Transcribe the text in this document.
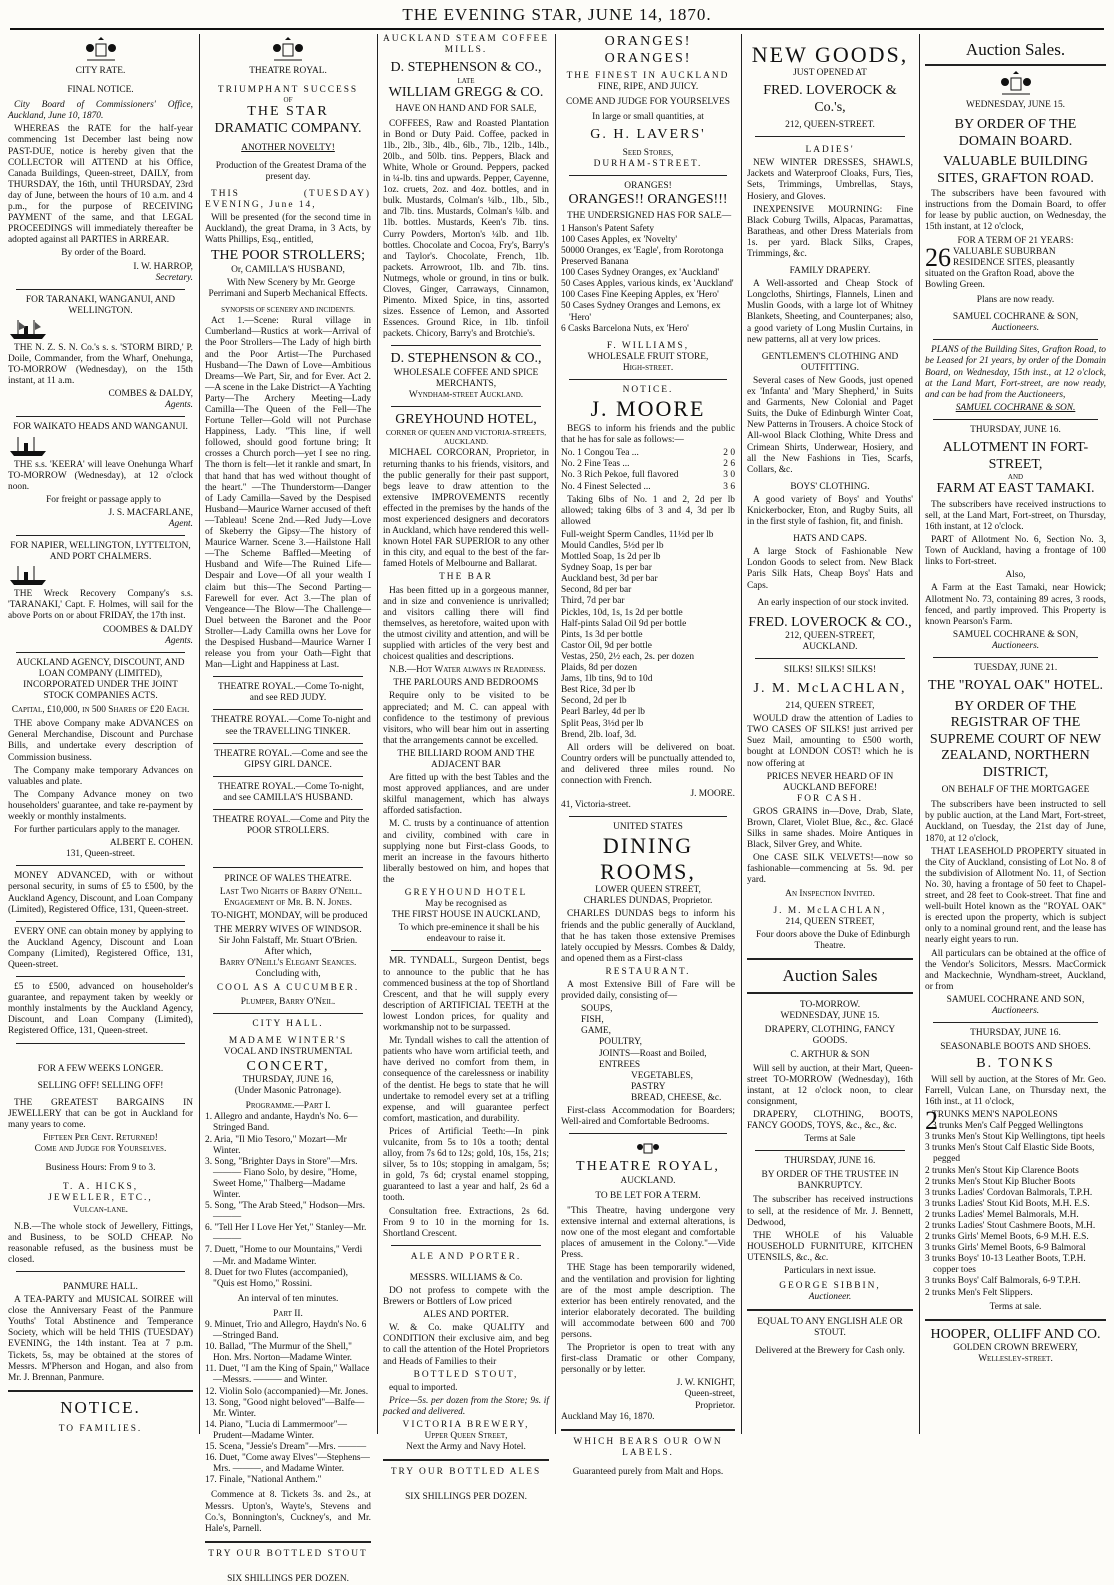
THE EVENING STAR, JUNE 14, 1870.
CITY RATE.
FINAL NOTICE.

City Board of Commissioners' Office, Auckland, June 10, 1870.

WHEREAS the RATE for the half-year commencing 1st December last being now PAST-DUE, notice is hereby given that the COLLECTOR will ATTEND at his Office, Canada Buildings, Queen-street, DAILY, from THURSDAY, the 16th, until THURSDAY, 23rd day of June, between the hours of 10 a.m. and 4 p.m., for the purpose of RECEIVING PAYMENT of the same, and that LEGAL PROCEEDINGS will immediately thereafter be adopted against all PARTIES in ARREAR.

By order of the Board.

I. W. HARROP,
Secretary.
FOR TARANAKI, WANGANUI, AND WELLINGTON.

THE N. Z. S. N. Co.'s s. s. 'STORM BIRD,' P. Doile, Commander, from the Wharf, Onehunga, TO-MORROW (Wednesday), on the 15th instant, at 11 a.m.

COMBES & DALDY,
Agents.
FOR WAIKATO HEADS AND WANGANUI.

THE s.s. 'KEERA' will leave Onehunga Wharf TO-MORROW (Wednesday), at 12 o'clock noon.

For freight or passage apply to

J. S. MACFARLANE,
Agent.
FOR NAPIER, WELLINGTON, LYTTELTON, AND PORT CHALMERS.

THE Wreck Recovery Company's s.s. 'TARANAKI,' Capt. F. Holmes, will sail for the above Ports on or about FRIDAY, the 17th inst.

COOMBES & DALDY
Agents.
AUCKLAND AGENCY, DISCOUNT, AND LOAN COMPANY (LIMITED), INCORPORATED UNDER THE JOINT STOCK COMPANIES ACTS.
Capital, £10,000, in 500 Shares of £20 Each.

THE above Company make ADVANCES on General Merchandise, Discount and Purchase Bills, and undertake every description of Commission business.

The Company make temporary Advances on valuables and plate.

The Company Advance money on two householders' guarantee, and take re-payment by weekly or monthly instalments.

For further particulars apply to the manager.

ALBERT E. COHEN.
131, Queen-street.

MONEY ADVANCED, with or without personal security, in sums of £5 to £500, by the Auckland Agency, Discount, and Loan Company (Limited), Registered Office, 131, Queen-street.

EVERY ONE can obtain money by applying to the Auckland Agency, Discount and Loan Company (Limited), Registered Office, 131, Queen-street.

£5 to £500, advanced on householder's guarantee, and repayment taken by weekly or monthly instalments by the Auckland Agency, Discount, and Loan Company (Limited), Registered Office, 131, Queen-street.

FOR A FEW WEEKS LONGER.
SELLING OFF! SELLING OFF!

THE GREATEST BARGAINS IN JEWELLERY that can be got in Auckland for many years to come.

Fifteen Per Cent. Returned!
Come and Judge for Yourselves.
Business Hours: From 9 to 3.
T. A. HICKS,
JEWELLER, ETC.,
Vulcan-lane.

N.B.—The whole stock of Jewellery, Fittings, and Business, to be SOLD CHEAP. No reasonable refused, as the business must be closed.

PANMURE HALL.

A TEA-PARTY and MUSICAL SOIREE will close the Anniversary Feast of the Panmure Youths' Total Abstinence and Temperance Society, which will be held THIS (TUESDAY) EVENING, the 14th instant. Tea at 7 p.m. Tickets, 5s, may be obtained at the stores of Messrs. M'Pherson and Hogan, and also from Mr. J. Brennan, Panmure.

NOTICE.
TO FAMILIES.
THEATRE ROYAL.
TRIUMPHANT SUCCESS
OF
THE STAR
DRAMATIC COMPANY.
ANOTHER NOVELTY!

Production of the Greatest Drama of the present day.

THIS (TUESDAY) EVENING, June 14,

Will be presented (for the second time in Auckland), the great Drama, in 3 Acts, by Watts Phillips, Esq., entitled,

THE POOR STROLLERS;
Or, CAMILLA'S HUSBAND,

With New Scenery by Mr. George Perrimani and Superb Mechanical Effects.

SYNOPSIS OF SCENERY AND INCIDENTS.

Act 1.—Scene: Rural village in Cumberland—Rustics at work—Arrival of the Poor Strollers—The Lady of high birth and the Poor Artist—The Purchased Husband—The Dawn of Love—Ambitious Dreams—We Part, Sir, and for Ever. Act 2.—A scene in the Lake District—A Yachting Party—The Archery Meeting—Lady Camilla—The Queen of the Fell—The Fortune Teller—Gold will not Purchase Happiness, Lady. "This line, if well followed, should good fortune bring; It crosses a Church porch—yet I see no ring. The thorn is felt—let it rankle and smart, In that hand that has wed without thought of the heart." —The Thunderstorm—Danger of Lady Camilla—Saved by the Despised Husband—Maurice Warner accused of theft—Tableau! Scene 2nd.—Red Judy—Love of Skeberry the Gipsy—The history of Maurice Warner. Scene 3.—Hailstone Hall—The Scheme Baffled—Meeting of Husband and Wife—The Ruined Life—Despair and Love—Of all your wealth I claim but this—The Second Parting—Farewell for ever. Act 3.—The plan of Vengeance—The Blow—The Challenge—Duel between the Baronet and the Poor Stroller—Lady Camilla owns her Love for the Despised Husband—Maurice Warner I release you from your Oath—Fight that Man—Light and Happiness at Last.

THEATRE ROYAL.—Come To-night, and see RED JUDY.

THEATRE ROYAL.—Come To-night and see the TRAVELLING TINKER.

THEATRE ROYAL.—Come and see the GIPSY GIRL DANCE.

THEATRE ROYAL.—Come To-night, and see CAMILLA'S HUSBAND.

THEATRE ROYAL.—Come and Pity the POOR STROLLERS.

PRINCE OF WALES THEATRE.

Last Two Nights of Barry O'Neill. Engagement of Mr. B. N. Jones.

TO-NIGHT, MONDAY, will be produced

THE MERRY WIVES OF WINDSOR.
Sir John Falstaff, Mr. Stuart O'Brien.
After which,
Barry O'Neill's Elegant Seances.
Concluding with,
COOL AS A CUCUMBER.
Plumper, Barry O'Neil.
CITY HALL.
MADAME WINTER'S
VOCAL AND INSTRUMENTAL
CONCERT,
THURSDAY, JUNE 16,
(Under Masonic Patronage).
Programme.—Part I.
1. Allegro and andante, Haydn's No. 6—Stringed Band.
2. Aria, "Il Mio Tesoro," Mozart—Mr Winter.
3. Song, "Brighter Days in Store"—Mrs. ——— Fiano Solo, by desire, "Home, Sweet Home," Thalberg—Madame Winter.
5. Song, "The Arab Steed," Hodson—Mrs. ———
6. "Tell Her I Love Her Yet," Stanley—Mr. ———
7. Duett, "Home to our Mountains," Verdi—Mr. and Madame Winter.
8. Duet for two Flutes (accompanied), "Quis est Homo," Rossini.
An interval of ten minutes.
Part II.
9. Minuet, Trio and Allegro, Haydn's No. 6—Stringed Band.
10. Ballad, "The Murmur of the Shell," Hon. Mrs. Norton—Madame Winter.
11. Duet, "I am the King of Spain," Wallace—Messrs. ——— and Winter.
12. Violin Solo (accompanied)—Mr. Jones.
13. Song, "Good night beloved"—Balfe—Mr. Winter.
14. Piano, "Lucia di Lammermoor"—Prudent—Madame Winter.
15. Scena, "Jessie's Dream"—Mrs. ———
16. Duet, "Come away Elves"—Stephens—Mrs. ———, and Madame Winter.
17. Finale, "National Anthem."

Commence at 8. Tickets 3s. and 2s., at Messrs. Upton's, Wayte's, Stevens and Co.'s, Bonnington's, Cuckney's, and Mr. Hale's, Parnell.

TRY OUR BOTTLED STOUT
SIX SHILLINGS PER DOZEN.
AUCKLAND STEAM COFFEE MILLS.
D. STEPHENSON & CO.,
LATE
WILLIAM GREGG & CO.
HAVE ON HAND AND FOR SALE,

COFFEES, Raw and Roasted Plantation in Bond or Duty Paid. Coffee, packed in 1lb., 2lb., 3lb., 4lb., 6lb., 7lb., 12lb., 14lb., 20lb., and 50lb. tins. Peppers, Black and White, Whole or Ground. Peppers, packed in ¼-lb. tins and upwards. Pepper, Cayenne, 1oz. cruets, 2oz. and 4oz. bottles, and in bulk. Mustards, Colman's ¼lb., 1lb., 5lb., and 7lb. tins. Mustards, Colman's ¼lb. and 1lb. bottles. Mustards, Keen's 7lb. tins. Curry Powders, Morton's ¼lb. and 1lb. bottles. Chocolate and Cocoa, Fry's, Barry's and Taylor's. Chocolate, French, 1lb. packets. Arrowroot, 1lb. and 7lb. tins. Nutmegs, whole or ground, in tins or bulk. Cloves, Ginger, Carraways, Cinnamon, Pimento. Mixed Spice, in tins, assorted sizes. Essence of Lemon, and Assorted Essences. Ground Rice, in 1lb. tinfoil packets. Chicory, Barry's and Brotchie's.

D. STEPHENSON & CO.,
WHOLESALE COFFEE AND SPICE MERCHANTS,
Wyndham-street Auckland.
GREYHOUND HOTEL,
CORNER OF QUEEN AND VICTORIA-STREETS, AUCKLAND.

MICHAEL CORCORAN, Proprietor, in returning thanks to his friends, visitors, and the public generally for their past support, begs leave to draw attention to the extensive IMPROVEMENTS recently effected in the premises by the hands of the most experienced designers and decorators in Auckland, which have rendered this well-known Hotel FAR SUPERIOR to any other in this city, and equal to the best of the far-famed Hotels of Melbourne and Ballarat.

THE BAR

Has been fitted up in a gorgeous manner, and in size and convenience is unrivalled; and visitors calling there will find themselves, as heretofore, waited upon with the utmost civility and attention, and will be supplied with articles of the very best and choicest qualities and descriptions.

N.B.—Hot Water always in Readiness.

THE PARLOURS AND BEDROOMS

Require only to be visited to be appreciated; and M. C. can appeal with confidence to the testimony of previous visitors, who will bear him out in asserting that the arrangements cannot be excelled.

THE BILLIARD ROOM AND THE ADJACENT BAR

Are fitted up with the best Tables and the most approved appliances, and are under skilful management, which has always afforded satisfaction.

M. C. trusts by a continuance of attention and civility, combined with care in supplying none but First-class Goods, to merit an increase in the favours hitherto liberally bestowed on him, and hopes that the

GREYHOUND HOTEL
May be recognised as
THE FIRST HOUSE IN AUCKLAND,

To which pre-eminence it shall be his endeavour to raise it.

MR. TYNDALL, Surgeon Dentist, begs to announce to the public that he has commenced business at the top of Shortland Crescent, and that he will supply every description of ARTIFICIAL TEETH at the lowest London prices, for quality and workmanship not to be surpassed.

Mr. Tyndall wishes to call the attention of patients who have worn artificial teeth, and have derived no comfort from them, in consequence of the carelessness or inability of the dentist. He begs to state that he will undertake to remodel every set at a trifling expense, and will guarantee perfect comfort, mastication, and durability.

Prices of Artificial Teeth:—In pink vulcanite, from 5s to 10s a tooth; dental alloy, from 7s 6d to 12s; gold, 10s, 15s, 21s; silver, 5s to 10s; stopping in amalgam, 5s; in gold, 7s 6d; crystal enamel stopping, guaranteed to last a year and half, 2s 6d a tooth.

Consultation free. Extractions, 2s 6d. From 9 to 10 in the morning for 1s. Shortland Crescent.

ALE AND PORTER.
MESSRS. WILLIAMS & Co.

DO not profess to compete with the Brewers or Bottlers of Low priced

ALES AND PORTER.

W. & Co. make QUALITY and CONDITION their exclusive aim, and beg to call the attention of the Hotel Proprietors and Heads of Families to their

BOTTLED STOUT,

equal to imported.

Price—5s. per dozen from the Store; 9s. if packed and delivered.

VICTORIA BREWERY,
Upper Queen Street,
Next the Army and Navy Hotel.
TRY OUR BOTTLED ALES
SIX SHILLINGS PER DOZEN.
ORANGES! ORANGES!
THE FINEST IN AUCKLAND
FINE, RIPE, AND JUICY.
COME AND JUDGE FOR YOURSELVES
In large or small quantities, at
G. H. LAVERS'
Seed Stores,
DURHAM-STREET.
ORANGES!
ORANGES!! ORANGES!!!

THE UNDERSIGNED HAS FOR SALE—

1 Hanson's Patent Safety
100 Cases Apples, ex 'Novelty'
50000 Oranges, ex 'Eagle', from Rorotonga
Preserved Banana
100 Cases Sydney Oranges, ex 'Auckland'
50 Cases Apples, various kinds, ex 'Auckland'
100 Cases Fine Keeping Apples, ex 'Hero'
50 Cases Sydney Oranges and Lemons, ex 'Hero'
6 Casks Barcelona Nuts, ex 'Hero'
F. WILLIAMS,
WHOLESALE FRUIT STORE,
High-street.
NOTICE.
J. MOORE

BEGS to inform his friends and the public that he has for sale as follows:—

No. 1 Congou Tea ...	2 0
No. 2 Fine Teas ...	2 6
No. 3 Rich Pekoe, full flavored	3 0
No. 4 Finest Selected ...	3 6

Taking 6lbs of No. 1 and 2, 2d per lb allowed; taking 6lbs of 3 and 4, 3d per lb allowed

Full-weight Sperm Candles, 11½d per lb
Mould Candles, 5½d per lb
Mottled Soap, 1s 2d per lb
Sydney Soap, 1s per bar
Auckland best, 3d per bar
Second, 8d per bar
Third, 7d per bar
Pickles, 10d, 1s, 1s 2d per bottle
Half-pints Salad Oil 9d per bottle
Pints, 1s 3d per bottle
Castor Oil, 9d per bottle
Vestas, 250, 2½ each, 2s. per dozen
Plaids, 8d per dozen
Jams, 1lb tins, 9d to 10d
Best Rice, 3d per lb
Second, 2d per lb
Pearl Barley, 4d per lb
Split Peas, 3½d per lb
Brend, 2lb. loaf, 3d.

All orders will be delivered on boat. Country orders will be punctually attended to, and delivered three miles round. No connection with French.

J. MOORE.
41, Victoria-street.
UNITED STATES
DINING ROOMS,
LOWER QUEEN STREET,
CHARLES DUNDAS, Proprietor.

CHARLES DUNDAS begs to inform his friends and the public generally of Auckland, that he has taken those extensive Premises lately occupied by Messrs. Combes & Daldy, and opened them as a First-class

RESTAURANT.

A most Extensive Bill of Fare will be provided daily, consisting of—

SOUPS,
FISH,
GAME,
POULTRY,
JOINTS—Roast and Boiled,
ENTREES
VEGETABLES,
PASTRY
BREAD, CHEESE, &c.

First-class Accommodation for Boarders; Well-aired and Comfortable Bedrooms.

THEATRE ROYAL,
AUCKLAND.
TO BE LET FOR A TERM.

"This Theatre, having undergone very extensive internal and external alterations, is now one of the most elegant and comfortable places of amusement in the Colony."—Vide Press.

THE Stage has been temporarily widened, and the ventilation and provision for lighting are of the most ample description. The exterior has been entirely renovated, and the interior elaborately decorated. The building will accommodate between 600 and 700 persons.

The Proprietor is open to treat with any first-class Dramatic or other Company, personally or by letter.

J. W. KNIGHT,
Queen-street,
Proprietor.
Auckland May 16, 1870.
WHICH BEARS OUR OWN LABELS.
Guaranteed purely from Malt and Hops.
NEW GOODS,
JUST OPENED AT
FRED. LOVEROCK & Co.'s,
212, QUEEN-STREET.
LADIES'

NEW WINTER DRESSES, SHAWLS, Jackets and Waterproof Cloaks, Furs, Ties, Sets, Trimmings, Umbrellas, Stays, Hosiery, and Gloves.

INEXPENSIVE MOURNING: Fine Black Coburg Twills, Alpacas, Paramattas, Baratheas, and other Dress Materials from 1s. per yard. Black Silks, Crapes, Trimmings, &c.

FAMILY DRAPERY.

A Well-assorted and Cheap Stock of Longcloths, Shirtings, Flannels, Linen and Muslin Goods, with a large lot of Whitney Blankets, Sheeting, and Counterpanes; also, a good variety of Long Muslin Curtains, in new patterns, all at very low prices.

GENTLEMEN'S CLOTHING AND OUTFITTING.

Several cases of New Goods, just opened ex 'Infanta' and 'Mary Shepherd,' in Suits and Garments, New Colonial and Paget Suits, the Duke of Edinburgh Winter Coat, New Patterns in Trousers. A choice Stock of All-wool Black Clothing, White Dress and Crimean Shirts, Underwear, Hosiery, and all the New Fashions in Ties, Scarfs, Collars, &c.

BOYS' CLOTHING.

A good variety of Boys' and Youths' Knickerbocker, Eton, and Rugby Suits, all in the first style of fashion, fit, and finish.

HATS AND CAPS.

A large Stock of Fashionable New London Goods to select from. New Black Paris Silk Hats, Cheap Boys' Hats and Caps.

An early inspection of our stock invited.

FRED. LOVEROCK & CO.,
212, QUEEN-STREET,
AUCKLAND.
SILKS! SILKS! SILKS!
J. M. McLACHLAN,
214, QUEEN STREET,

WOULD draw the attention of Ladies to TWO CASES OF SILKS! just arrived per Suez Mail, amounting to £500 worth, bought at LONDON COST! which he is now offering at

PRICES NEVER HEARD OF IN AUCKLAND BEFORE!
FOR CASH.

GROS GRAINS in—Dove, Drab, Slate, Brown, Claret, Violet Blue, &c., &c. Glacé Silks in same shades. Moire Antiques in Black, Silver Grey, and White.

One CASE SILK VELVETS!—now so fashionable—commencing at 5s. 9d. per yard.

An Inspection Invited.
J. M. McLACHLAN,
214, QUEEN STREET,

Four doors above the Duke of Edinburgh Theatre.

Auction Sales
TO-MORROW.
WEDNESDAY, JUNE 15.
DRAPERY, CLOTHING, FANCY GOODS.
C. ARTHUR & SON

Will sell by auction, at their Mart, Queen-street TO-MORROW (Wednesday), 16th instant, at 12 o'clock noon, to clear consignment,

DRAPERY, CLOTHING, BOOTS, FANCY GOODS, TOYS, &c., &c., &c.

Terms at Sale
THURSDAY, JUNE 16.
BY ORDER OF THE TRUSTEE IN BANKRUPTCY.

The subscriber has received instructions to sell, at the residence of Mr. J. Bennett, Dedwood,

THE WHOLE of his Valuable HOUSEHOLD FURNITURE, KITCHEN UTENSILS, &c., &c.

Particulars in next issue.
GEORGE SIBBIN,
Auctioneer.
EQUAL TO ANY ENGLISH ALE OR STOUT.
Delivered at the Brewery for Cash only.
Auction Sales.
WEDNESDAY, JUNE 15.
BY ORDER OF THE DOMAIN BOARD.
VALUABLE BUILDING SITES, GRAFTON ROAD.

The subscribers have been favoured with instructions from the Domain Board, to offer for lease by public auction, on Wednesday, the 15th instant, at 12 o'clock,

FOR A TERM OF 21 YEARS:
26 VALUABLE SUBURBAN RESIDENCE SITES, pleasantly situated on the Grafton Road, above the Bowling Green.
Plans are now ready.
SAMUEL COCHRANE & SON,
Auctioneers.

PLANS of the Building Sites, Grafton Road, to be Leased for 21 years, by order of the Domain Board, on Wednesday, 15th inst., at 12 o'clock, at the Land Mart, Fort-street, are now ready, and can be had from the Auctioneers,

SAMUEL COCHRANE & SON.
THURSDAY, JUNE 16.
ALLOTMENT IN FORT-STREET,
AND
FARM AT EAST TAMAKI.

The subscribers have received instructions to sell, at the Land Mart, Fort-street, on Thursday, 16th instant, at 12 o'clock.

PART of Allotment No. 6, Section No. 3, Town of Auckland, having a frontage of 100 links to Fort-street.

Also,

A Farm at the East Tamaki, near Howick; Allotment No. 73, containing 89 acres, 3 roods, fenced, and partly improved. This Property is known Pearson's Farm.

SAMUEL COCHRANE & SON,
Auctioneers.
TUESDAY, JUNE 21.
THE "ROYAL OAK" HOTEL.
BY ORDER OF THE REGISTRAR OF THE SUPREME COURT OF NEW ZEALAND, NORTHERN DISTRICT,
ON BEHALF OF THE MORTGAGEE

The subscribers have been instructed to sell by public auction, at the Land Mart, Fort-street, Auckland, on Tuesday, the 21st day of June, 1870, at 12 o'clock,

THAT LEASEHOLD PROPERTY situated in the City of Auckland, consisting of Lot No. 8 of the subdivision of Allotment No. 11, of Section No. 30, having a frontage of 50 feet to Chapel-street, and 28 feet to Cook-street. That fine and well-built Hotel known as the "ROYAL OAK" is erected upon the property, which is subject only to a nominal ground rent, and the lease has nearly eight years to run.

All particulars can be obtained at the office of the Vendor's Solicitors, Messrs. MacCormick and Mackechnie, Wyndham-street, Auckland, or from

SAMUEL COCHRANE AND SON,
Auctioneers.
THURSDAY, JUNE 16.
SEASONABLE BOOTS AND SHOES.
B. TONKS

Will sell by auction, at the Stores of Mr. Geo. Farrell, Vulcan Lane, on Thursday next, the 16th inst., at 11 o'clock,

2
TRUNKS MEN'S NAPOLEONS
3 trunks Men's Calf Pegged Wellingtons
3 trunks Men's Stout Kip Wellingtons, tipt heels
3 trunks Men's Stout Calf Elastic Side Boots, pegged
2 trunks Men's Stout Kip Clarence Boots
2 trunks Men's Stout Kip Blucher Boots
3 trunks Ladies' Cordovan Balmorals, T.P.H.
3 trunks Ladies' Stout Kid Boots, M.H. E.S.
2 trunks Ladies' Memel Balmorals, M.H.
2 trunks Ladies' Stout Cashmere Boots, M.H.
2 trunks Girls' Memel Boots, 6-9 M.H. E.S.
3 trunks Girls' Memel Boots, 6-9 Balmoral
3 trunks Boys' 10-13 Leather Boots, T.P.H. copper toes
3 trunks Boys' Calf Balmorals, 6-9 T.P.H.
2 trunks Men's Felt Slippers.
Terms at sale.
HOOPER, OLLIFF AND CO.
GOLDEN CROWN BREWERY,
Wellesley-street.
